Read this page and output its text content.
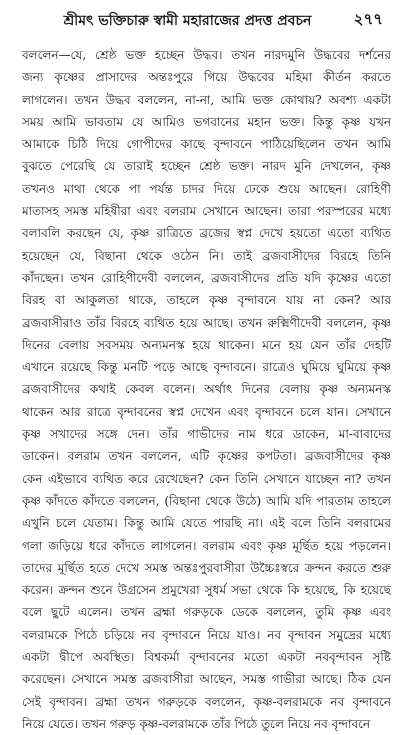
শ্রীমৎ ভক্তিচারু স্বামী মহারাজের প্রদত্ত প্রবচন	২৭৭
বললেন—যে, শ্রেষ্ঠ ভক্ত হচ্ছেন উদ্ধব। তখন নারদমুনি উদ্ধবের দর্শনের
জন্য কৃষ্ণের প্রাসাদের অন্তঃপুরে গিয়ে উদ্ধবের মহিমা কীর্তন করতে
লাগলেন। তখন উদ্ধব বললেন, না-না, আমি ভক্ত কোথায়? অবশ্য একটা
সময় আমি ভাবতাম যে আমিও ভগবানের মহান ভক্ত। কিন্তু কৃষ্ণ যখন
আমাকে চিঠি দিয়ে গোপীদের কাছে বৃন্দাবনে পাঠিয়েছিলেন তখন আমি
বুঝতে পেরেছি যে তারাই হচ্ছেন শ্রেষ্ঠ ভক্ত। নারদ মুনি দেখলেন, কৃষ্ণ
তখনও মাথা থেকে পা পর্যন্ত চাদর দিয়ে ঢেকে শুয়ে আছেন। রোহিণী
মাতাসহ সমস্ত মহিষীরা এবং বলরাম সেখানে আছেন। তারা পরস্পরের মধ্যে
বলাবলি করছেন যে, কৃষ্ণ রাত্রিতে ব্রজের স্বপ্ন দেখে হয়তো এতো ব্যথিত
হয়েছেন যে, বিছানা থেকে ওঠেন নি। তাই ব্রজবাসীদের বিরহে তিনি
কাঁদছেন। তখন রোহিণীদেবী বললেন, ব্রজবাসীদের প্রতি যদি কৃষ্ণের এতো
বিরহ বা আকুলতা থাকে, তাহলে কৃষ্ণ বৃন্দাবনে যায় না কেন? আর
ব্রজবাসীরাও তাঁর বিরহে ব্যথিত হয়ে আছে। তখন রুক্মিণীদেবী বললেন, কৃষ্ণ
দিনের বেলায় সবসময় অন্যমনস্ক হয়ে থাকেন। মনে হয় যেন তাঁর দেহটি
এখানে রয়েছে কিন্তু মনটি পড়ে আছে বৃন্দাবনে। রাত্রেও ঘুমিয়ে ঘুমিয়ে কৃষ্ণ
ব্রজবাসীদের কথাই কেবল বলেন। অর্থাৎ দিনের বেলায় কৃষ্ণ অন্যমনস্ক
থাকেন আর রাত্রে বৃন্দাবনের স্বপ্ন দেখেন এবং বৃন্দাবনে চলে যান। সেখানে
কৃষ্ণ সখাদের সঙ্গে দেন। তাঁর গাভীদের নাম ধরে ডাকেন, মা-বাবাদের
ডাকেন। বলরাম তখন বললেন, এটি কৃষ্ণের কপটতা। ব্রজবাসীদের কৃষ্ণ
কেন এইভাবে ব্যথিত করে রেখেছেন? কেন তিনি সেখানে যাচ্ছেন না? তখন
কৃষ্ণ কাঁদতে কাঁদতে বললেন, (বিছানা থেকে উঠে) আমি যদি পারতাম তাহলে
এখুনি চলে যেতাম। কিন্তু আমি যেতে পারছি না। এই বলে তিনি বলরামের
গলা জড়িয়ে ধরে কাঁদতে লাগলেন। বলরাম এবং কৃষ্ণ মূর্ছিত হয়ে পড়লেন।
তাদের মূর্ছিত হতে দেখে সমস্ত অন্তঃপুরবাসীরা উচ্চৈঃস্বরে ক্রন্দন করতে শুরু
করেন। ক্রন্দন শুনে উগ্রসেন প্রমুখেরা সুধর্ম সভা থেকে কি হয়েছে, কি হয়েছে
বলে ছুটে এলেন। তখন ব্রহ্মা গরুড়কে ডেকে বললেন, তুমি কৃষ্ণ এবং
বলরামকে পিঠে চড়িয়ে নব বৃন্দাবনে নিয়ে যাও। নব বৃন্দাবন সমুদ্রের মধ্যে
একটা দ্বীপে অবস্থিত। বিশ্বকর্মা বৃন্দাবনের মতো একটা নববৃন্দাবন সৃষ্টি
করেছেন। সেখানে সমস্ত ব্রজবাসীরা আছেন, সমস্ত গাভীরা আছে। ঠিক যেন
সেই বৃন্দাবন। ব্রহ্মা তখন গরুড়কে বললেন, কৃষ্ণ-বলরামকে নব বৃন্দাবনে
নিয়ে যেতে। তখন গরুড় কৃষ্ণ-বলরামকে তাঁর পিঠে তুলে নিয়ে নব বৃন্দাবনে
